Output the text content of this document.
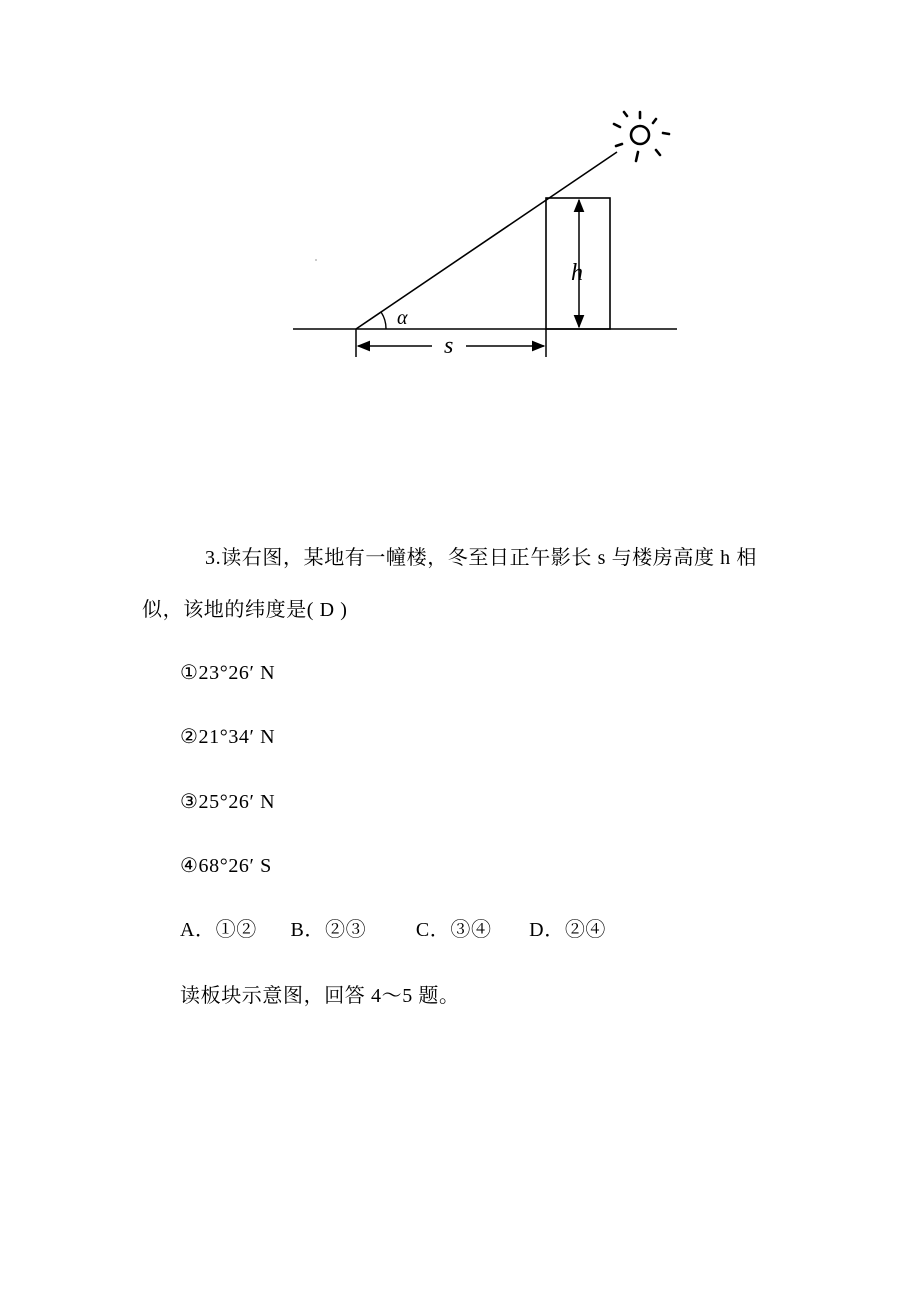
h
s
α
3.读右图，某地有一幢楼，冬至日正午影长 s 与楼房高度 h 相
似，该地的纬度是( D )
①23°26′ N
②21°34′ N
③25°26′ N
④68°26′ S
A．①② B．②③ C．③④ D．②④
读板块示意图，回答 4～5 题。
